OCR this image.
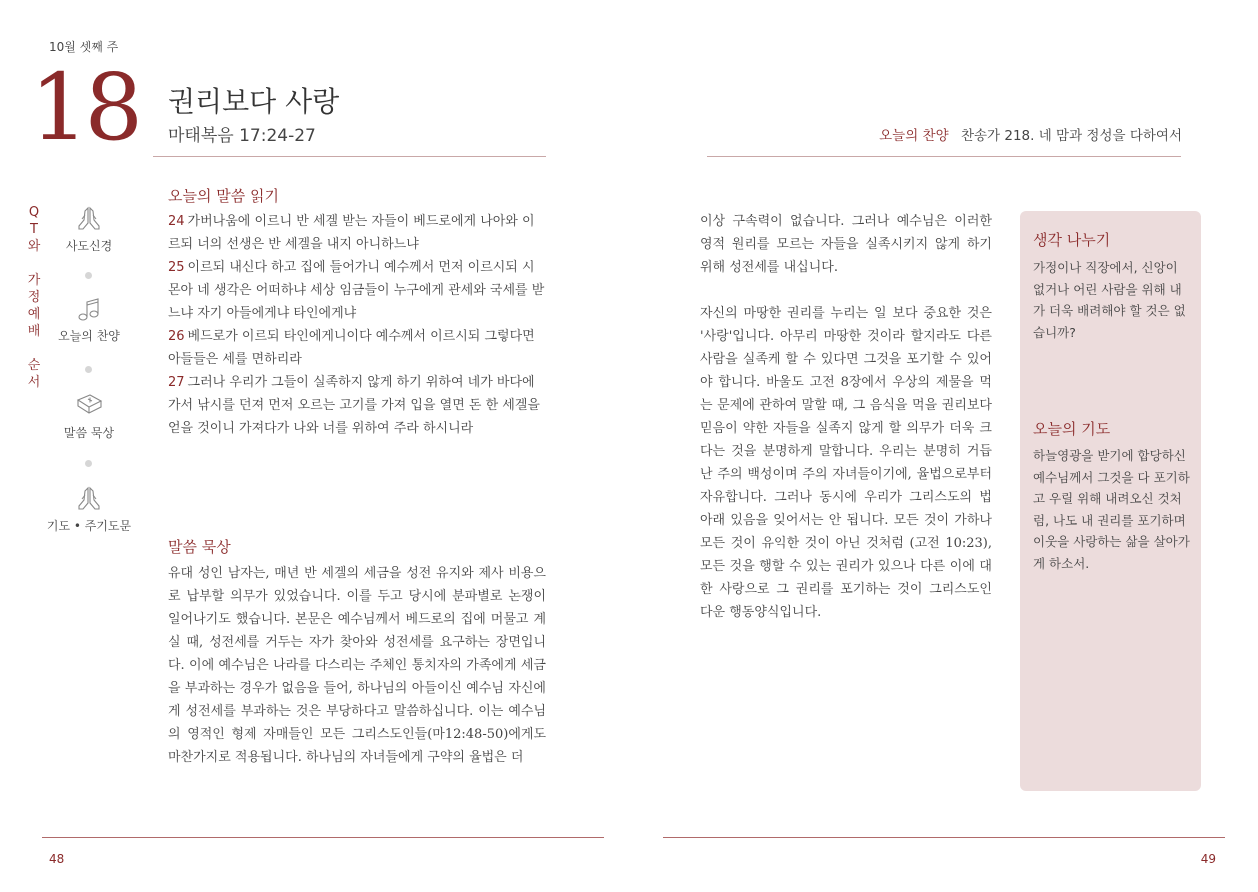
10월 셋째 주
18 권리보다 사랑
마태복음 17:24-27	오늘의 찬양 찬송가 218. 네 맘과 정성을 다하여서
Q
T
와
가
정
예
배
순
서
사도신경
오늘의 찬양
말씀 묵상
기도 • 주기도문
오늘의 말씀 읽기

24 가버나움에 이르니 반 세겔 받는 자들이 베드로에게 나아와 이르되 너의 선생은 반 세겔을 내지 아니하느냐

25 이르되 내신다 하고 집에 들어가니 예수께서 먼저 이르시되 시몬아 네 생각은 어떠하냐 세상 임금들이 누구에게 관세와 국세를 받느냐 자기 아들에게냐 타인에게냐

26 베드로가 이르되 타인에게니이다 예수께서 이르시되 그렇다면 아들들은 세를 면하리라

27 그러나 우리가 그들이 실족하지 않게 하기 위하여 네가 바다에 가서 낚시를 던져 먼저 오르는 고기를 가져 입을 열면 돈 한 세겔을 얻을 것이니 가져다가 나와 너를 위하여 주라 하시니라

말씀 묵상
유대 성인 남자는, 매년 반 세겔의 세금을 성전 유지와 제사 비용으로 납부할 의무가 있었습니다. 이를 두고 당시에 분파별로 논쟁이 일어나기도 했습니다. 본문은 예수님께서 베드로의 집에 머물고 계실 때, 성전세를 거두는 자가 찾아와 성전세를 요구하는 장면입니다. 이에 예수님은 나라를 다스리는 주체인 통치자의 가족에게 세금을 부과하는 경우가 없음을 들어, 하나님의 아들이신 예수님 자신에게 성전세를 부과하는 것은 부당하다고 말씀하십니다. 이는 예수님의 영적인 형제 자매들인 모든 그리스도인들(마12:48-50)에게도 마찬가지로 적용됩니다. 하나님의 자녀들에게 구약의 율법은 더

이상 구속력이 없습니다. 그러나 예수님은 이러한 영적 원리를 모르는 자들을 실족시키지 않게 하기 위해 성전세를 내십니다.

자신의 마땅한 권리를 누리는 일 보다 중요한 것은 '사랑'입니다. 아무리 마땅한 것이라 할지라도 다른 사람을 실족케 할 수 있다면 그것을 포기할 수 있어야 합니다. 바울도 고전 8장에서 우상의 제물을 먹는 문제에 관하여 말할 때, 그 음식을 먹을 권리보다 믿음이 약한 자들을 실족지 않게 할 의무가 더욱 크다는 것을 분명하게 말합니다. 우리는 분명히 거듭난 주의 백성이며 주의 자녀들이기에, 율법으로부터 자유합니다. 그러나 동시에 우리가 그리스도의 법 아래 있음을 잊어서는 안 됩니다. 모든 것이 가하나 모든 것이 유익한 것이 아닌 것처럼 (고전 10:23), 모든 것을 행할 수 있는 권리가 있으나 다른 이에 대한 사랑으로 그 권리를 포기하는 것이 그리스도인 다운 행동양식입니다.

생각 나누기
가정이나 직장에서, 신앙이 없거나 어린 사람을 위해 내가 더욱 배려해야 할 것은 없습니까?
오늘의 기도
하늘영광을 받기에 합당하신 예수님께서 그것을 다 포기하고 우릴 위해 내려오신 것처럼, 나도 내 권리를 포기하며 이웃을 사랑하는 삶을 살아가게 하소서.
48	49
